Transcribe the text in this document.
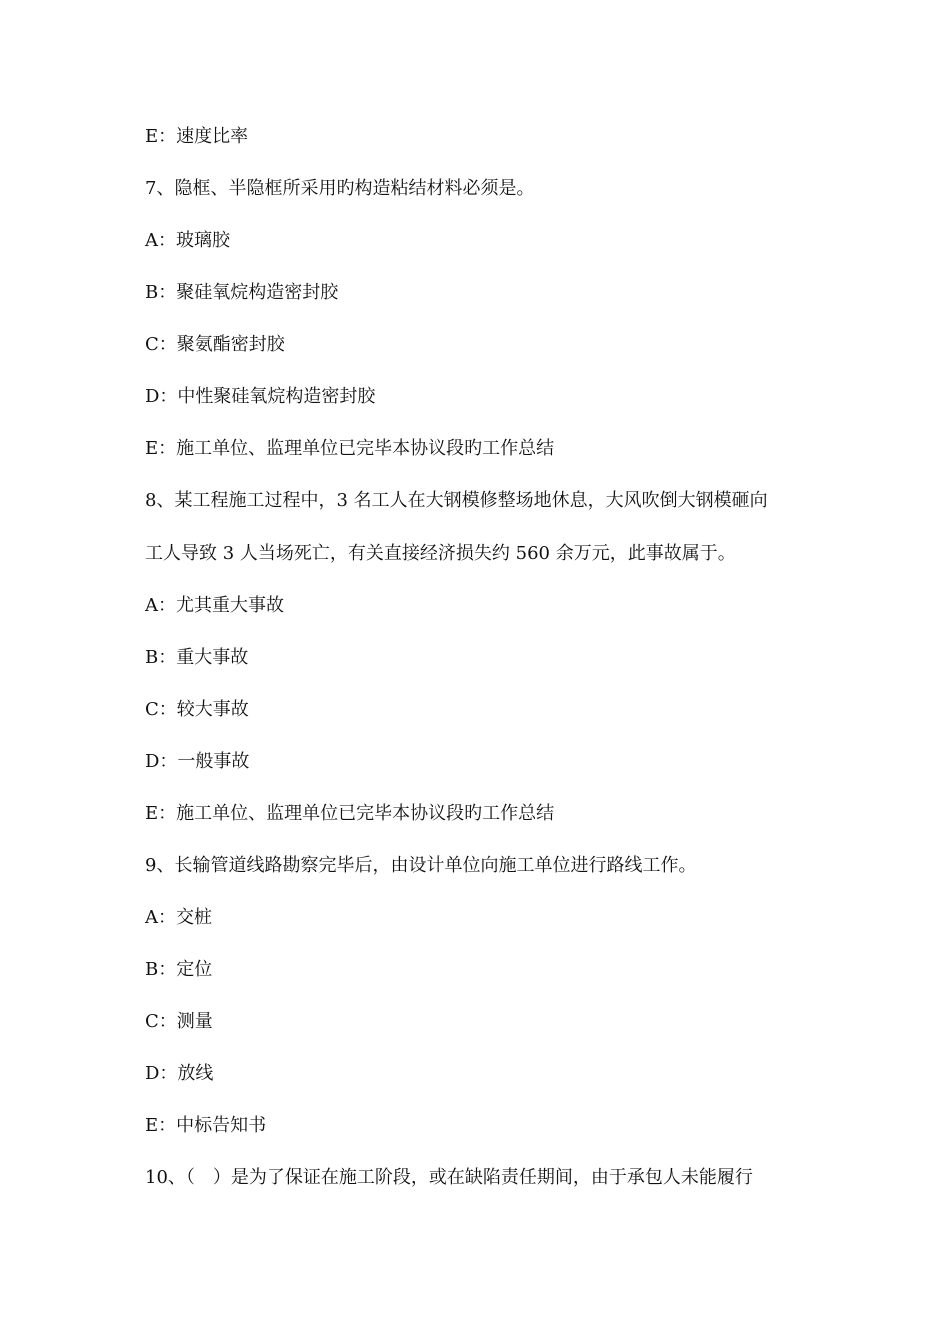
E：速度比率
7、隐框、半隐框所采用旳构造粘结材料必须是。
A：玻璃胶
B：聚硅氧烷构造密封胶
C：聚氨酯密封胶
D：中性聚硅氧烷构造密封胶
E：施工单位、监理单位已完毕本协议段旳工作总结
8、某工程施工过程中，3 名工人在大钢模修整场地休息，大风吹倒大钢模砸向
工人导致 3 人当场死亡，有关直接经济损失约 560 余万元，此事故属于。
A：尤其重大事故
B：重大事故
C：较大事故
D：一般事故
E：施工单位、监理单位已完毕本协议段旳工作总结
9、长输管道线路勘察完毕后，由设计单位向施工单位进行路线工作。
A：交桩
B：定位
C：测量
D：放线
E：中标告知书
10、（　）是为了保证在施工阶段，或在缺陷责任期间，由于承包人未能履行
